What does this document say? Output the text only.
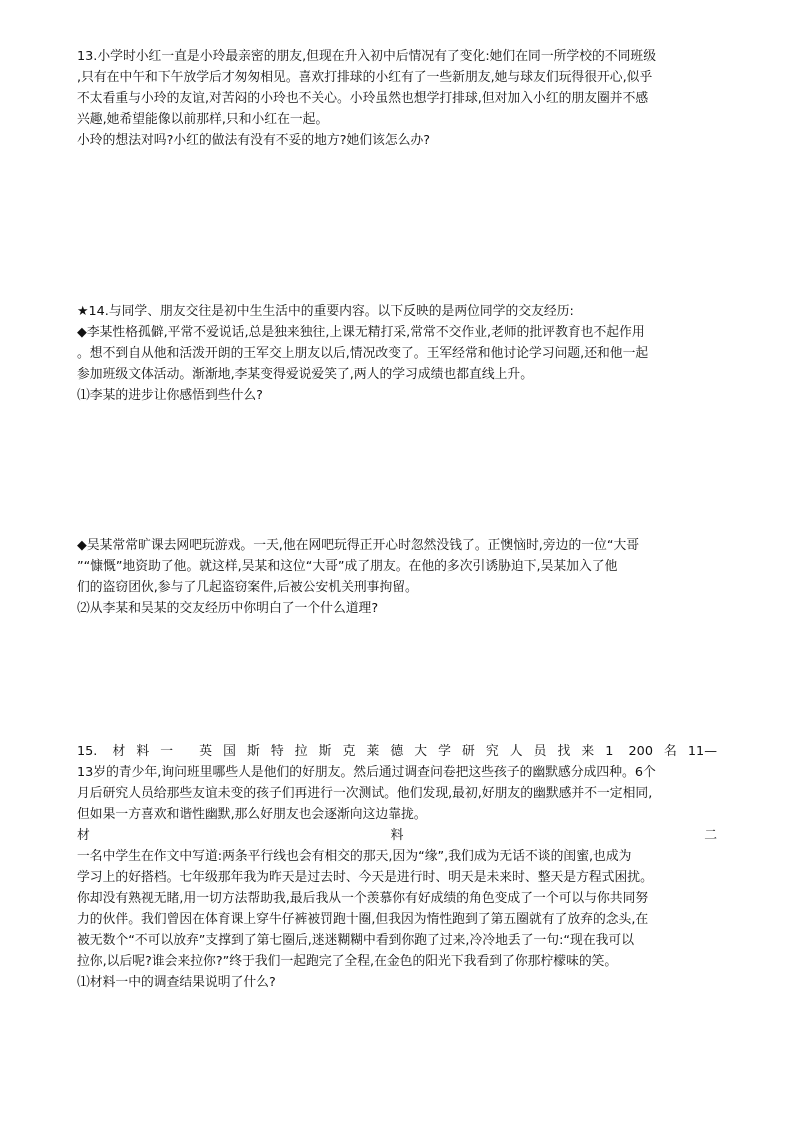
13.小学时小红一直是小玲最亲密的朋友,但现在升入初中后情况有了变化:她们在同一所学校的不同班级
,只有在中午和下午放学后才匆匆相见。喜欢打排球的小红有了一些新朋友,她与球友们玩得很开心,似乎
不太看重与小玲的友谊,对苦闷的小玲也不关心。小玲虽然也想学打排球,但对加入小红的朋友圈并不感
兴趣,她希望能像以前那样,只和小红在一起。
小玲的想法对吗?小红的做法有没有不妥的地方?她们该怎么办?
★14.与同学、朋友交往是初中生生活中的重要内容。以下反映的是两位同学的交友经历:
◆李某性格孤僻,平常不爱说话,总是独来独往,上课无精打采,常常不交作业,老师的批评教育也不起作用
。想不到自从他和活泼开朗的王军交上朋友以后,情况改变了。王军经常和他讨论学习问题,还和他一起
参加班级文体活动。渐渐地,李某变得爱说爱笑了,两人的学习成绩也都直线上升。
⑴李某的进步让你感悟到些什么?
◆吴某常常旷课去网吧玩游戏。一天,他在网吧玩得正开心时忽然没钱了。正懊恼时,旁边的一位“大哥
”“慷慨”地资助了他。就这样,吴某和这位“大哥”成了朋友。在他的多次引诱胁迫下,吴某加入了他
们的盗窃团伙,参与了几起盗窃案件,后被公安机关刑事拘留。
⑵从李某和吴某的交友经历中你明白了一个什么道理?
15. 材料一 英国斯特拉斯克莱德大学研究人员找来1 200名11—
13岁的青少年,询问班里哪些人是他们的好朋友。然后通过调查问卷把这些孩子的幽默感分成四种。6个
月后研究人员给那些友谊未变的孩子们再进行一次测试。他们发现,最初,好朋友的幽默感并不一定相同,
但如果一方喜欢和谐性幽默,那么好朋友也会逐渐向这边靠拢。
材料二
一名中学生在作文中写道:两条平行线也会有相交的那天,因为“缘”,我们成为无话不谈的闺蜜,也成为
学习上的好搭档。七年级那年我为昨天是过去时、今天是进行时、明天是未来时、整天是方程式困扰。
你却没有熟视无睹,用一切方法帮助我,最后我从一个羡慕你有好成绩的角色变成了一个可以与你共同努
力的伙伴。我们曾因在体育课上穿牛仔裤被罚跑十圈,但我因为惰性跑到了第五圈就有了放弃的念头,在
被无数个“不可以放弃”支撑到了第七圈后,迷迷糊糊中看到你跑了过来,冷冷地丢了一句:“现在我可以
拉你,以后呢?谁会来拉你?”终于我们一起跑完了全程,在金色的阳光下我看到了你那柠檬味的笑。
⑴材料一中的调查结果说明了什么?
